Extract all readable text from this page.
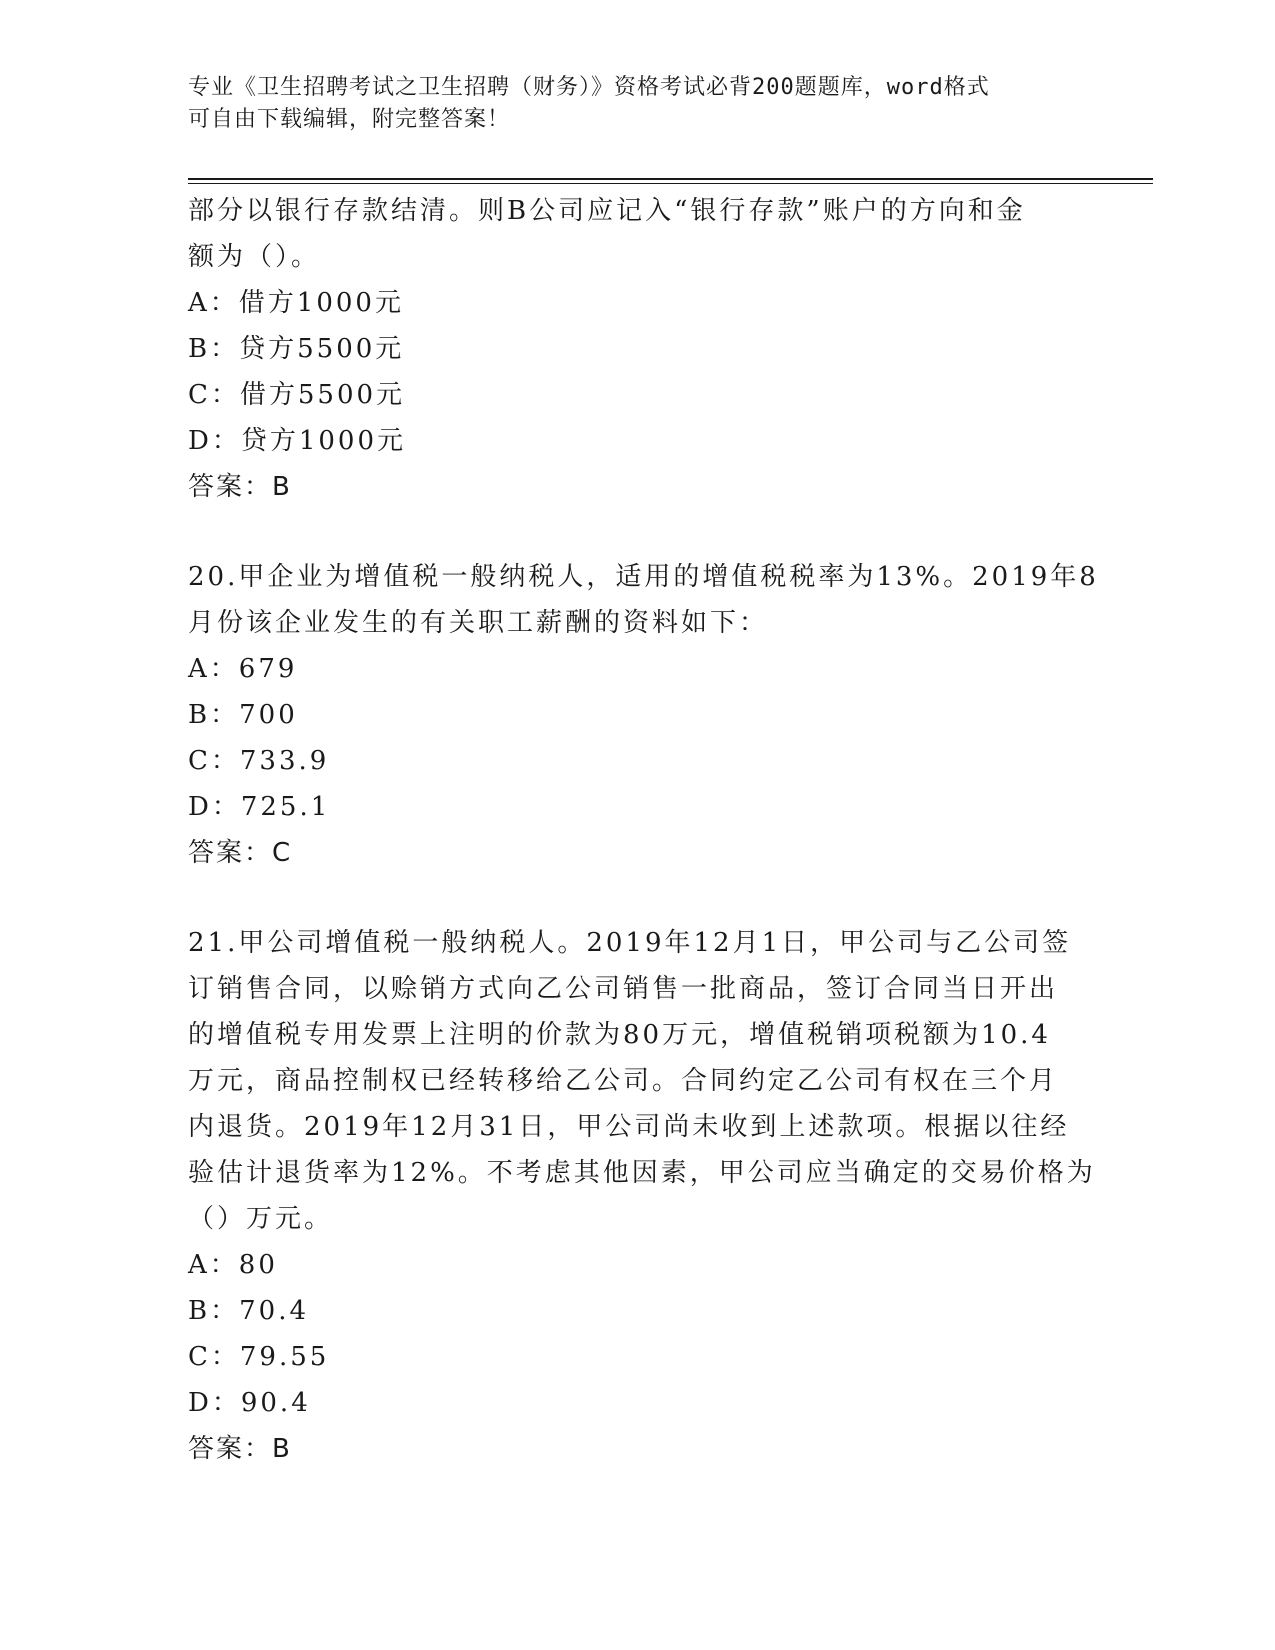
专业《卫生招聘考试之卫生招聘（财务）》资格考试必背200题题库，word格式
可自由下载编辑，附完整答案！
部分以银行存款结清。则B公司应记入“银行存款”账户的方向和金
额为（）。
A：借方1000元
B：贷方5500元
C：借方5500元
D：贷方1000元
答案：B
20.甲企业为增值税一般纳税人，适用的增值税税率为13%。2019年8
月份该企业发生的有关职工薪酬的资料如下：
A：679
B：700
C：733.9
D：725.1
答案：C
21.甲公司增值税一般纳税人。2019年12月1日，甲公司与乙公司签
订销售合同，以赊销方式向乙公司销售一批商品，签订合同当日开出
的增值税专用发票上注明的价款为80万元，增值税销项税额为10.4
万元，商品控制权已经转移给乙公司。合同约定乙公司有权在三个月
内退货。2019年12月31日，甲公司尚未收到上述款项。根据以往经
验估计退货率为12%。不考虑其他因素，甲公司应当确定的交易价格为
（）万元。
A：80
B：70.4
C：79.55
D：90.4
答案：B
